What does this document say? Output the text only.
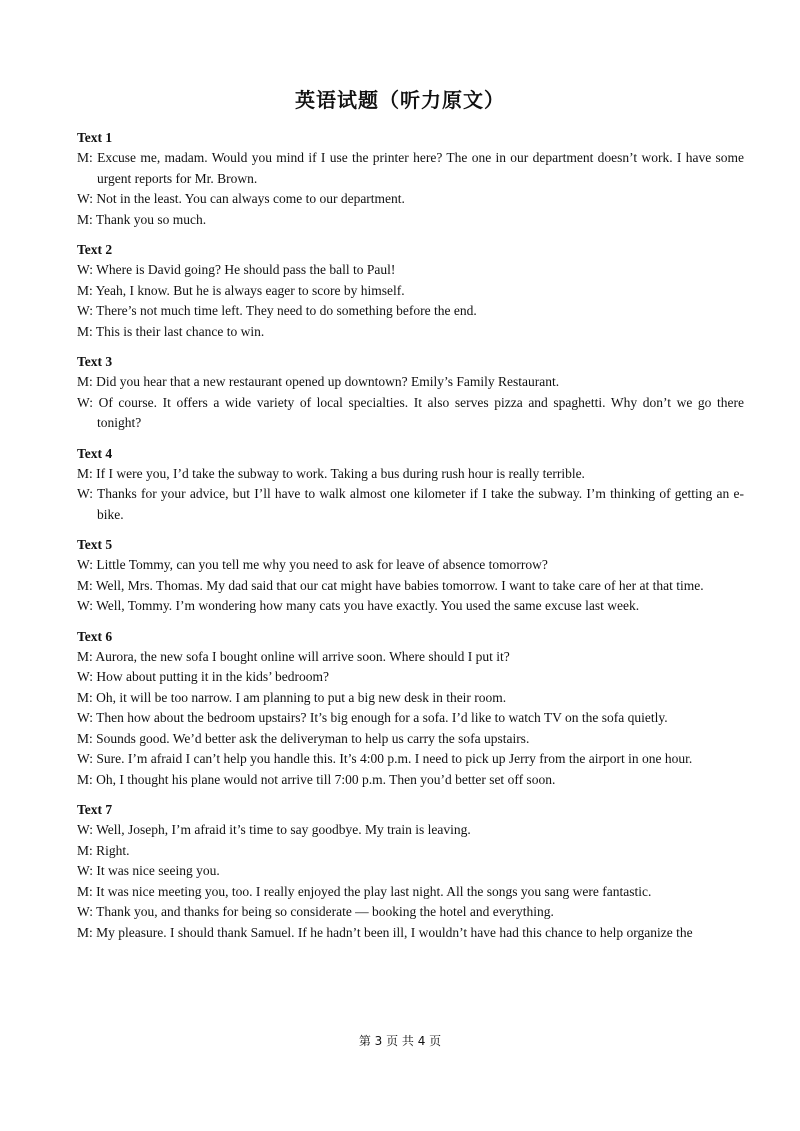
英语试题（听力原文）
Text 1
M: Excuse me, madam. Would you mind if I use the printer here? The one in our department doesn’t work. I have some urgent reports for Mr. Brown.
W: Not in the least. You can always come to our department.
M: Thank you so much.
Text 2
W: Where is David going? He should pass the ball to Paul!
M: Yeah, I know. But he is always eager to score by himself.
W: There’s not much time left. They need to do something before the end.
M: This is their last chance to win.
Text 3
M: Did you hear that a new restaurant opened up downtown? Emily’s Family Restaurant.
W: Of course. It offers a wide variety of local specialties. It also serves pizza and spaghetti. Why don’t we go there tonight?
Text 4
M: If I were you, I’d take the subway to work. Taking a bus during rush hour is really terrible.
W: Thanks for your advice, but I’ll have to walk almost one kilometer if I take the subway. I’m thinking of getting an e-bike.
Text 5
W: Little Tommy, can you tell me why you need to ask for leave of absence tomorrow?
M: Well, Mrs. Thomas. My dad said that our cat might have babies tomorrow. I want to take care of her at that time.
W: Well, Tommy. I’m wondering how many cats you have exactly. You used the same excuse last week.
Text 6
M: Aurora, the new sofa I bought online will arrive soon. Where should I put it?
W: How about putting it in the kids’ bedroom?
M: Oh, it will be too narrow. I am planning to put a big new desk in their room.
W: Then how about the bedroom upstairs? It’s big enough for a sofa. I’d like to watch TV on the sofa quietly.
M: Sounds good. We’d better ask the deliveryman to help us carry the sofa upstairs.
W: Sure. I’m afraid I can’t help you handle this. It’s 4:00 p.m. I need to pick up Jerry from the airport in one hour.
M: Oh, I thought his plane would not arrive till 7:00 p.m. Then you’d better set off soon.
Text 7
W: Well, Joseph, I’m afraid it’s time to say goodbye. My train is leaving.
M: Right.
W: It was nice seeing you.
M: It was nice meeting you, too. I really enjoyed the play last night. All the songs you sang were fantastic.
W: Thank you, and thanks for being so considerate — booking the hotel and everything.
M: My pleasure. I should thank Samuel. If he hadn’t been ill, I wouldn’t have had this chance to help organize the
第 3 页 共 4 页
